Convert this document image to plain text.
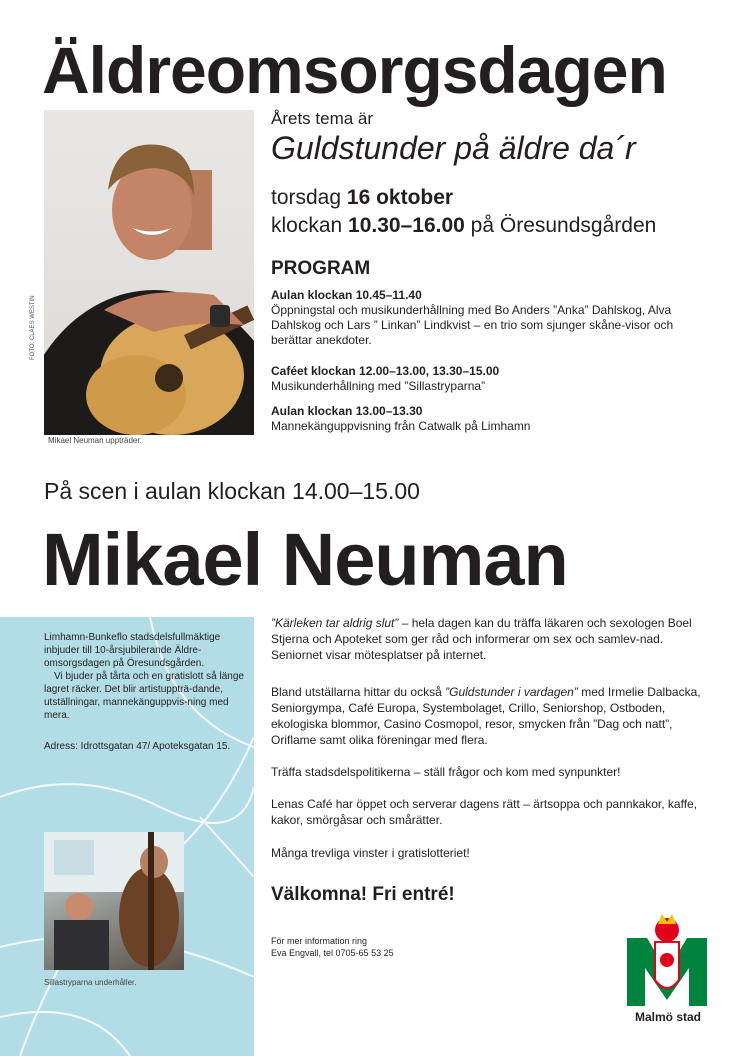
Äldreomsorgsdagen
FOTO: CLAES WESTIN
Mikael Neuman uppträder.
Årets tema är
Guldstunder på äldre da´r
torsdag 16 oktober
klockan 10.30–16.00 på Öresundsgården
PROGRAM
Aulan klockan 10.45–11.40
Öppningstal och musikunderhållning med Bo Anders ”Anka” Dahlskog, Alva Dahlskog och Lars ” Linkan” Lindkvist – en trio som sjunger skåne-visor och berättar anekdoter.
Caféet klockan 12.00–13.00, 13.30–15.00
Musikunderhållning med ”Sillastryparna”
Aulan klockan 13.00–13.30
Mannekänguppvisning från Catwalk på Limhamn
På scen i aulan klockan 14.00–15.00
Mikael Neuman
Limhamn-Bunkeflo stadsdelsfullmäktige inbjuder till 10-årsjubilerande Äldre-omsorgsdagen på Öresundsgården.
Vi bjuder på tårta och en gratislott så länge lagret räcker. Det blir artistuppträ-dande, utställningar, mannekänguppvis-ning med mera.
Adress: Idrottsgatan 47/ Apoteksgatan 15.
Sillastryparna underhåller.
”Kärleken tar aldrig slut” – hela dagen kan du träffa läkaren och sexologen Boel Stjerna och Apoteket som ger råd och informerar om sex och samlev-nad. Seniornet visar mötesplatser på internet.
Bland utställarna hittar du också ”Guldstunder i vardagen” med Irmelie Dalbacka, Seniorgympa, Café Europa, Systembolaget, Crillo, Seniorshop, Ostboden, ekologiska blommor, Casino Cosmopol, resor, smycken från ”Dag och natt”, Oriflame samt olika föreningar med flera.
Träffa stadsdelspolitikerna – ställ frågor och kom med synpunkter!
Lenas Café har öppet och serverar dagens rätt – ärtsoppa och pannkakor, kaffe, kakor, smörgåsar och smårätter.
Många trevliga vinster i gratislotteriet!
Välkomna! Fri entré!
För mer information ring
Eva Engvall, tel 0705-65 53 25
Malmö stad
